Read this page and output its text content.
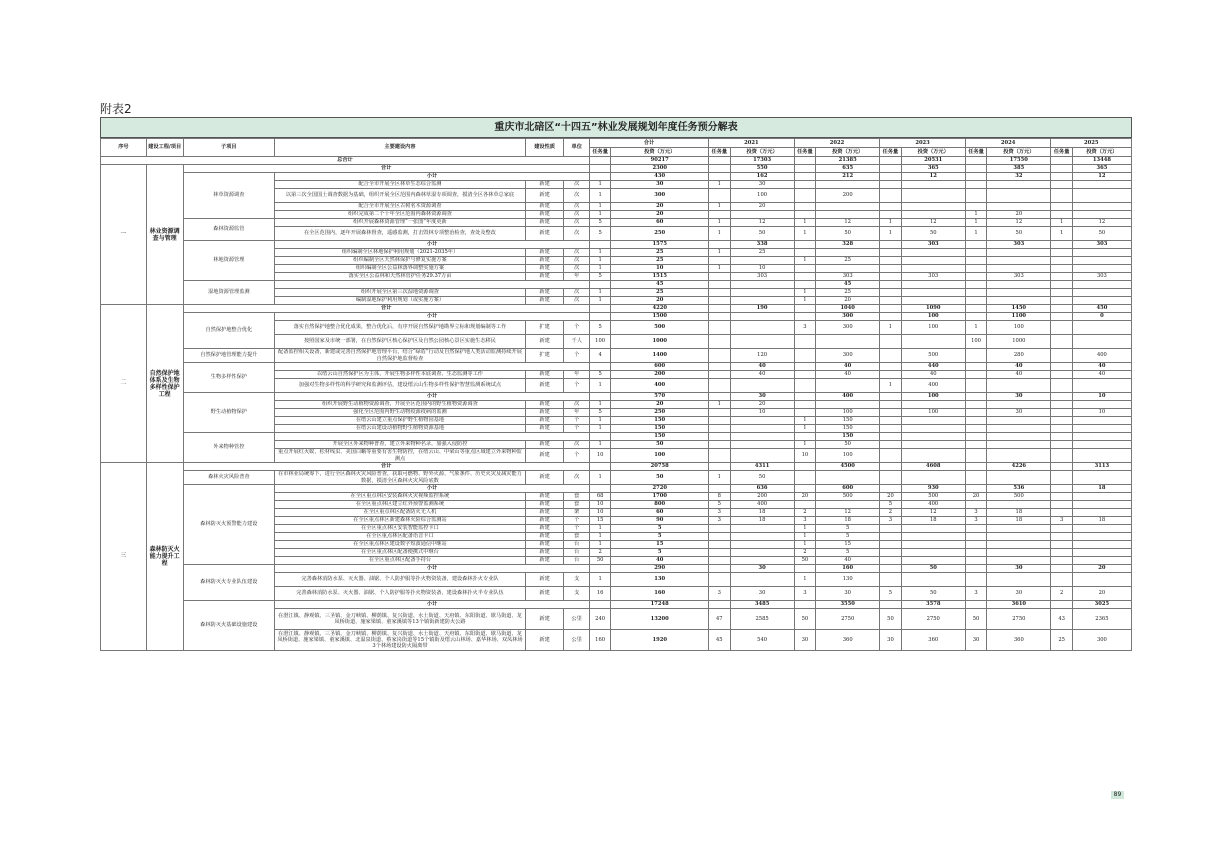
附表2
重庆市北碚区“十四五”林业发展规划年度任务预分解表
序号	建设工程/项目	子项目	主要建设内容	建设性质	单位	合计		2021		2022		2023		2024		2025	
						任务量	投资（万元）	任务量	投资（万元）	任务量	投资（万元）	任务量	投资（万元）	任务量	投资（万元）	任务量	投资（万元）
总合计							90217		17303		21385		20531		17550		13448
一	林业资源调查与管理	合计					2300		550		635		365		385		365
		林草资源调查	小计				430		162		212		12		32		12
			配合全市开展全区林草生态综合监测	新建	次	1	30	1	30								
			以第三次全国国土调查数据为基础，组织开展全区范围内森林草湿专项调查，摸清全区各林草总家底	新建	次	1	300		100		200						
			配合全市开展全区古树名木资源调查	新建	次	1	20	1	20								
			组织完成第二个十年全区范围内森林资源调查	新建	次	1	20							1	20		
		森林资源监管	组织开展森林资源管理“一张图”年度更新	新建	次	5	60	1	12	1	12	1	12	1	12	1	12
			在全区范围内，逐年开展森林督查，遥感监测，打击毁林专项整治检查，查处及整改	新建	次	5	250	1	50	1	50	1	50	1	50	1	50
		林地资源管理	小计				1575		338		328		303		303		303
			组织编制全区林地保护利用规划（2021-2035年）	新建	次	1	25	1	25								
			组织编制全区天然林保护与修复实施方案	新建	次	1	25			1	25						
			组织编制全区公益林落界调整实施方案	新建	次	1	10	1	10								
			落实全区公益林和天然林管护任务29.37万亩	新建	年	5	1515		303		303		303		303		303
		湿地资源管理监测					45				45						
			组织开展全区第三次湿地资源调查	新建	次	1	25			1	25						
			编制湿地保护利用规划（或实施方案）	新建	次	1	20			1	20						
二	自然保护地体系及生物多样性保护工程	合计					4220		190		1040		1090		1450		450
		自然保护地整合优化	小计				1500				300		100		1100		0
			落实自然保护地整合优化成果，整合优化后，有序开展自然保护地勘界立标和规划编制等工作	扩建	个	5	500			3	300	1	100	1	100		
			按照国家及市统一部署，在自然保护区核心保护区及自然公园核心景区实施生态移民	新建	千人	100	1000							100	1000		
		自然保护地管理能力提升	配备监控相关设备，新建或完善自然保护地管理平台，结合“绿盾”行动及自然保护地人类活动监测持续开展自然保护地监督检查	扩建	个	4	1400		120		300		500		280		400
		生物多样性保护					600		40		40		440		40		40
			以缙云山自然保护区为主体，开展生物多样性本底调查、生态监测等工作	新建	年	5	200		40		40		40		40		40
			加强对生物多样性的科学研究和监测评估，建设缙云山生物多样性保护智慧监测系统试点	新建	个	1	400					1	400				
		野生动植物保护	小计				570		30		400		100		30		10
			组织开展野生动植物资源调查，开展全区范围内的野生植物资源调查	新建	次	1	20	1	20								
			强化全区范围内野生动物疫源疫病的监测	新建	年	5	250		10		100		100		30		10
			在缙云山建立重点保护野生植物园基地	新建	个	1	150			1	150						
			在缙云山建设动植物野生植物资源基地	新建	个	1	150			1	150						
		外来物种管控					150				150						
			开展全区外来物种普查，建立外来物种名录，加强入侵防控	新建	次	1	50			1	50						
			重点开展红火蚁、松材线虫、美国白蛾等重要有害生物防控，在缙云山、中梁山等重点区域建立外来物种监测点	新建	个	10	100			10	100						
三	森林防灭火能力提升工程	合计					20758		4311		4500		4608		4226		3113
		森林火灾风险普查	在市林业局统筹下，进行全区森林火灾风险普查，获取可燃物、野外火源、气象条件、历史火灾及减灾能力数据，摸清全区森林火灾风险底数	新建	次	1	50	1	50								
		森林防灭火预警能力建设	小计				2720		636		600		930		536		18
			在全区重点林区安装森林火灾视频监控系统	新建	套	68	1700	8	200	20	500	20	500	20	500		
			在全区重点林区建立红外预警监测系统	新建	套	10	800	5	400			5	400				
			在全区重点林区配备防火无人机	新建	架	10	60	3	18	2	12	2	12	3	18		
			在全区重点林区新建森林火险综合监测站	新建	个	15	90	3	18	3	18	3	18	3	18	3	18
			在全区重点林区安装智能监控卡口	新建	个	1	5			1	5						
			在全区重点林区配备语音卡口	新建	套	1	5			1	5						
			在全区重点林区建设数字短波通信中继站	新建	台	1	15			1	15						
			在全区重点林区配备便携式中继台	新建	台	2	5			2	5						
			在全区重点林区配备手持台	新建	台	50	40			50	40						
		森林防灭火专业队伍建设	小计				290		30		160		50		30		20
			完善森林消防水泵、灭火器、油锯、个人防护服等扑火物资装备，建设森林扑火专业队	新建	支	1	130			1	130						
			完善森林消防水泵、灭火器、油锯、个人防护服等扑火物资装备，建设森林扑火半专业队伍	新建	支	16	160	3	30	3	30	5	50	3	30	2	20
		森林防灭火基础设施建设	小计				17248		3485		3550		3578		3610		3025
			在澄江镇、静观镇、三圣镇、金刀峡镇、柳荫镇、复兴街道、水土街道、天府镇、东阳街道、歇马街道、龙凤桥街道、施家梁镇、童家溪镇等13个镇街新建防火公路	新建	公里	240	13200	47	2585	50	2750	50	2750	50	2750	43	2365
			在澄江镇、静观镇、三圣镇、金刀峡镇、柳荫镇、复兴街道、水土街道、天府镇、东阳街道、歇马街道、龙凤桥街道、施家梁镇、童家溪镇、北温泉街道、蔡家岗街道等15个镇街及缙云山林场、嘉华林场、双凤林场3个林场建设防火隔离带	新建	公里	160	1920	45	540	30	360	30	360	30	360	25	300
89
